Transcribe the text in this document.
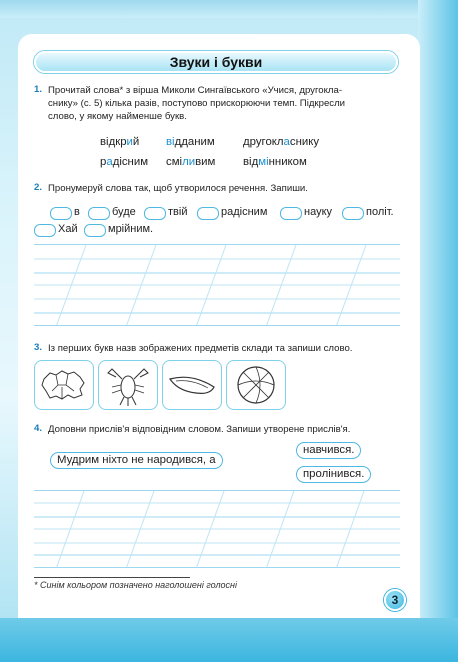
Звуки і букви
1. Прочитай слова* з вірша Миколи Сингаївського «Учися, другокла-
снику» (с. 5) кілька разів, поступово прискорюючи темп. Підкресли
слово, у якому найменше букв.
відкрий відданим другокласнику
радісним сміливим відмінником
2. Пронумеруй слова так, щоб утворилося речення. Запиши.
в	буде	твій	радісним	науку	політ.
Хай	мрійним.
3. Із перших букв назв зображених предметів склади та запиши слово.
4. Доповни прислів'я відповідним словом. Запиши утворене прислів'я.
Мудрим ніхто не народився, а
навчився.
пролінився.
* Синім кольором позначено наголошені голосні
3
